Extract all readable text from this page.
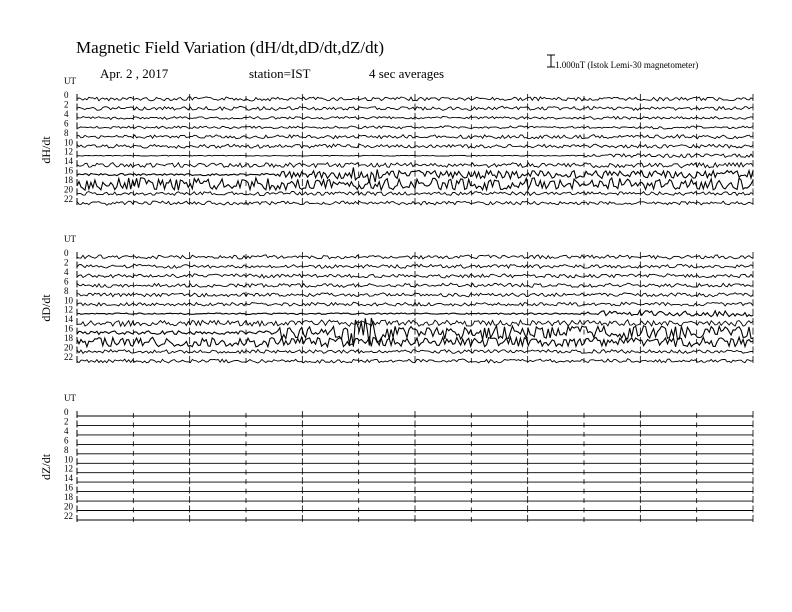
Magnetic Field Variation (dH/dt,dD/dt,dZ/dt)
Apr. 2 , 2017	station=IST	4 sec averages
1.000nT (Istok Lemi-30 magnetometer)
UT
dH/dt
0
2
4
6
8
10
12
14
16
18
20
22
UT
dD/dt
0
2
4
6
8
10
12
14
16
18
20
22
UT
dZ/dt
0
2
4
6
8
10
12
14
16
18
20
22
